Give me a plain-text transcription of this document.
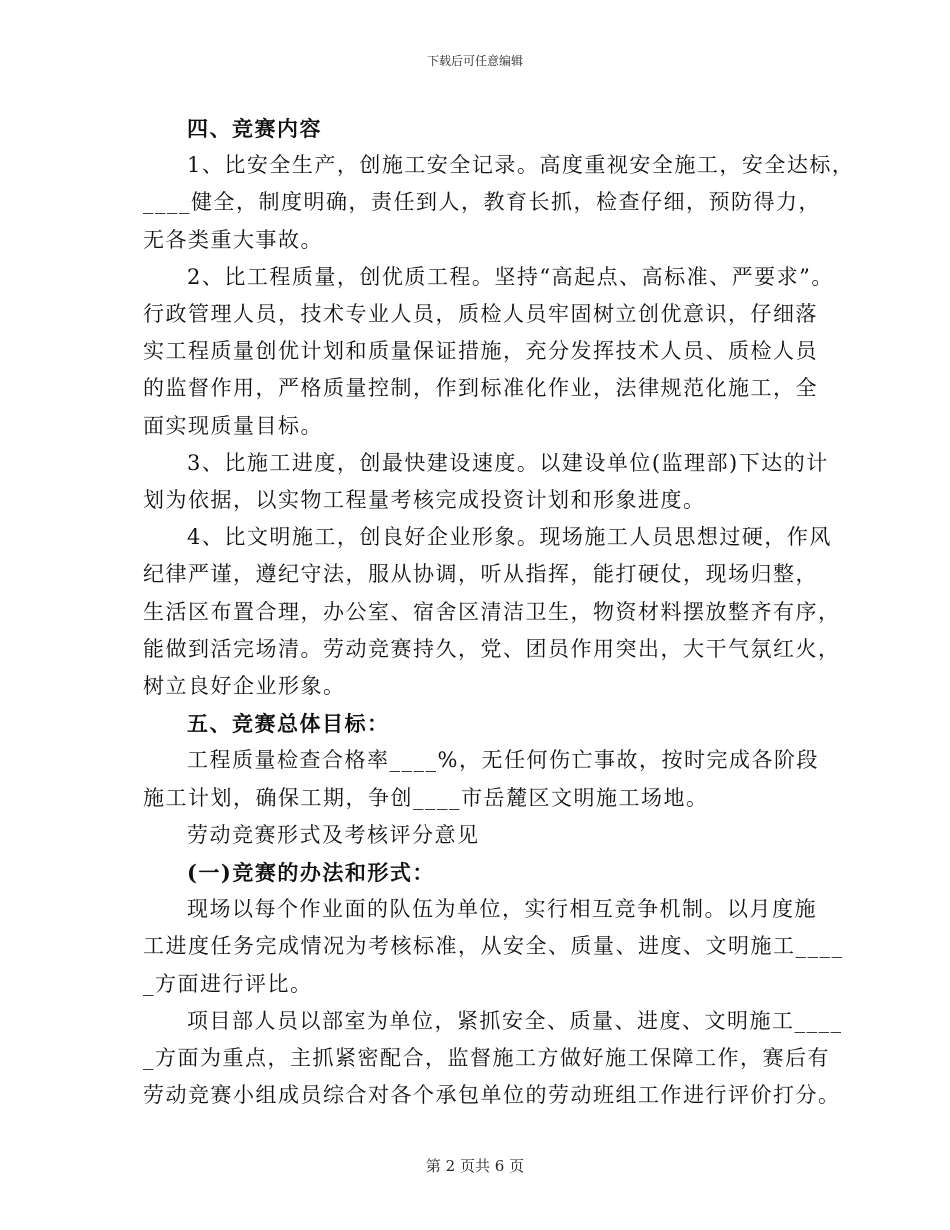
下载后可任意编辑
四、竞赛内容
1、比安全生产，创施工安全记录。高度重视安全施工，安全达标，
____健全，制度明确，责任到人，教育长抓，检查仔细，预防得力，
无各类重大事故。
2、比工程质量，创优质工程。坚持“高起点、高标准、严要求”。
行政管理人员，技术专业人员，质检人员牢固树立创优意识，仔细落
实工程质量创优计划和质量保证措施，充分发挥技术人员、质检人员
的监督作用，严格质量控制，作到标准化作业，法律规范化施工，全
面实现质量目标。
3、比施工进度，创最快建设速度。以建设单位(监理部)下达的计
划为依据，以实物工程量考核完成投资计划和形象进度。
4、比文明施工，创良好企业形象。现场施工人员思想过硬，作风
纪律严谨，遵纪守法，服从协调，听从指挥，能打硬仗，现场归整，
生活区布置合理，办公室、宿舍区清洁卫生，物资材料摆放整齐有序，
能做到活完场清。劳动竞赛持久，党、团员作用突出，大干气氛红火，
树立良好企业形象。
五、竞赛总体目标：
工程质量检查合格率____%，无任何伤亡事故，按时完成各阶段
施工计划，确保工期，争创____市岳麓区文明施工场地。
劳动竞赛形式及考核评分意见
(一)竞赛的办法和形式：
现场以每个作业面的队伍为单位，实行相互竞争机制。以月度施
工进度任务完成情况为考核标准，从安全、质量、进度、文明施工____
_方面进行评比。
项目部人员以部室为单位，紧抓安全、质量、进度、文明施工____
_方面为重点，主抓紧密配合，监督施工方做好施工保障工作，赛后有
劳动竞赛小组成员综合对各个承包单位的劳动班组工作进行评价打分。
第 2 页共 6 页
